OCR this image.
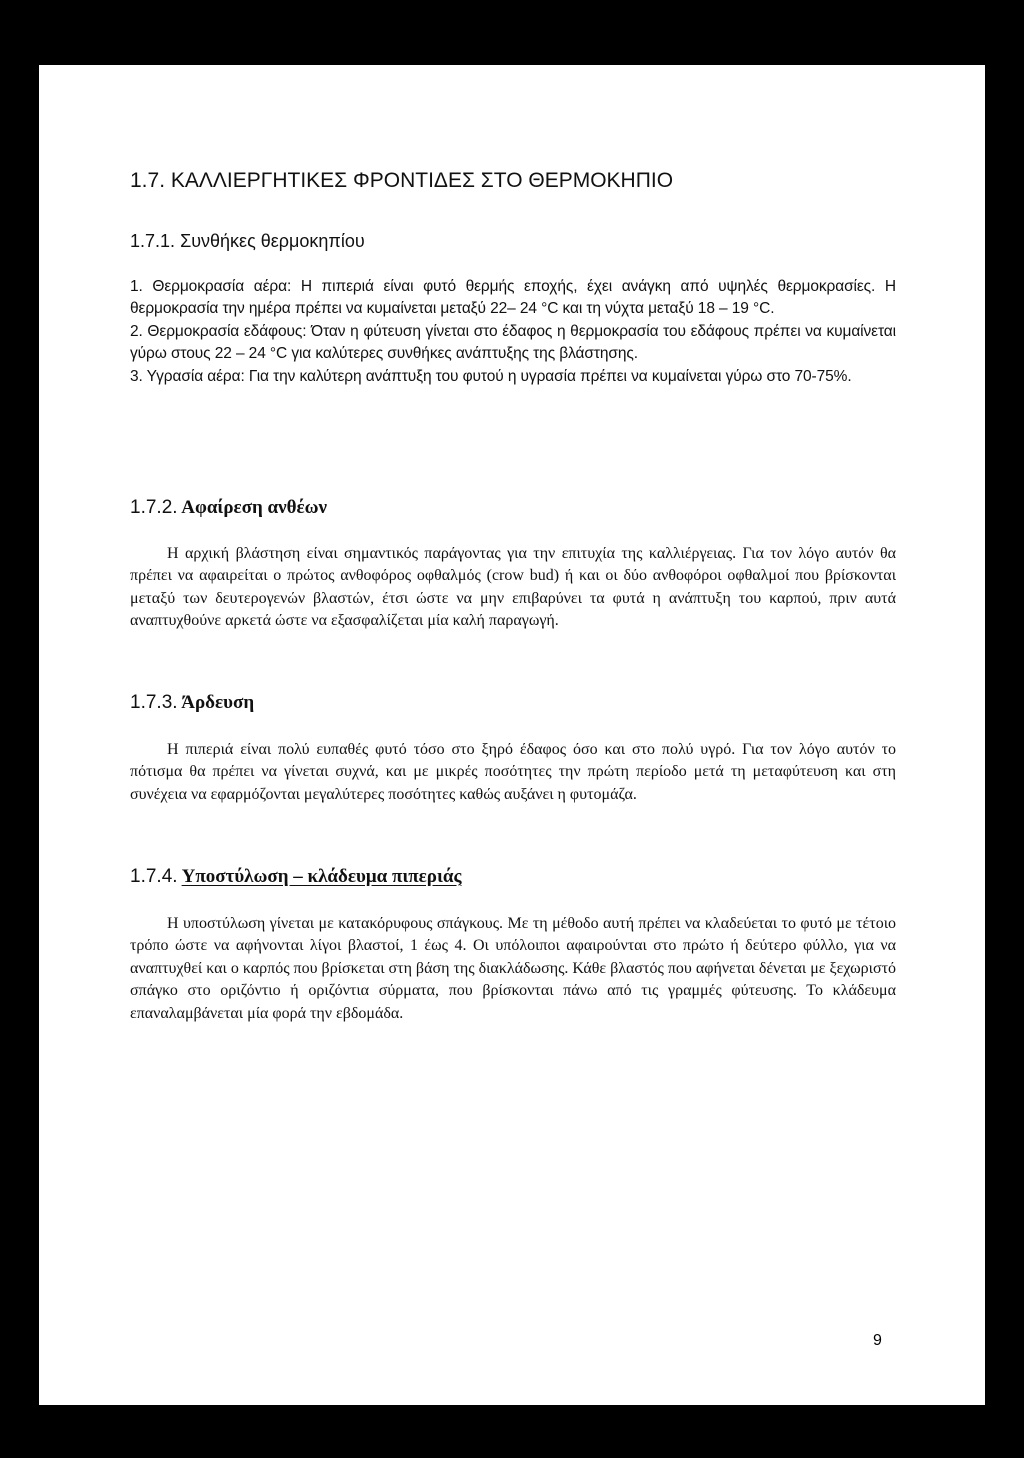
1.7. ΚΑΛΛΙΕΡΓΗΤΙΚΕΣ ΦΡΟΝΤΙΔΕΣ ΣΤΟ ΘΕΡΜΟΚΗΠΙΟ
1.7.1. Συνθήκες θερμοκηπίου

1. Θερμοκρασία αέρα: Η πιπεριά είναι φυτό θερμής εποχής, έχει ανάγκη από υψηλές θερμοκρασίες. Η θερμοκρασία την ημέρα πρέπει να κυμαίνεται μεταξύ 22– 24 °C και τη νύχτα μεταξύ 18 – 19 °C.

2. Θερμοκρασία εδάφους: Όταν η φύτευση γίνεται στο έδαφος η θερμοκρασία του εδάφους πρέπει να κυμαίνεται γύρω στους 22 – 24 °C για καλύτερες συνθήκες ανάπτυξης της βλάστησης.

3. Υγρασία αέρα: Για την καλύτερη ανάπτυξη του φυτού η υγρασία πρέπει να κυμαίνεται γύρω στο 70-75%.

1.7.2. Αφαίρεση ανθέων

Η αρχική βλάστηση είναι σημαντικός παράγοντας για την επιτυχία της καλλιέργειας. Για τον λόγο αυτόν θα πρέπει να αφαιρείται ο πρώτος ανθοφόρος οφθαλμός (crow bud) ή και οι δύο ανθοφόροι οφθαλμοί που βρίσκονται μεταξύ των δευτερογενών βλαστών, έτσι ώστε να μην επιβαρύνει τα φυτά η ανάπτυξη του καρπού, πριν αυτά αναπτυχθούνε αρκετά ώστε να εξασφαλίζεται μία καλή παραγωγή.

1.7.3. Άρδευση

Η πιπεριά είναι πολύ ευπαθές φυτό τόσο στο ξηρό έδαφος όσο και στο πολύ υγρό. Για τον λόγο αυτόν το πότισμα θα πρέπει να γίνεται συχνά, και με μικρές ποσότητες την πρώτη περίοδο μετά τη μεταφύτευση και στη συνέχεια να εφαρμόζονται μεγαλύτερες ποσότητες καθώς αυξάνει η φυτομάζα.

1.7.4. Υποστύλωση – κλάδευμα πιπεριάς

Η υποστύλωση γίνεται με κατακόρυφους σπάγκους. Με τη μέθοδο αυτή πρέπει να κλαδεύεται το φυτό με τέτοιο τρόπο ώστε να αφήνονται λίγοι βλαστοί, 1 έως 4. Οι υπόλοιποι αφαιρούνται στο πρώτο ή δεύτερο φύλλο, για να αναπτυχθεί και ο καρπός που βρίσκεται στη βάση της διακλάδωσης. Κάθε βλαστός που αφήνεται δένεται με ξεχωριστό σπάγκο στο οριζόντιο ή οριζόντια σύρματα, που βρίσκονται πάνω από τις γραμμές φύτευσης. Το κλάδευμα επαναλαμβάνεται μία φορά την εβδομάδα.

9
